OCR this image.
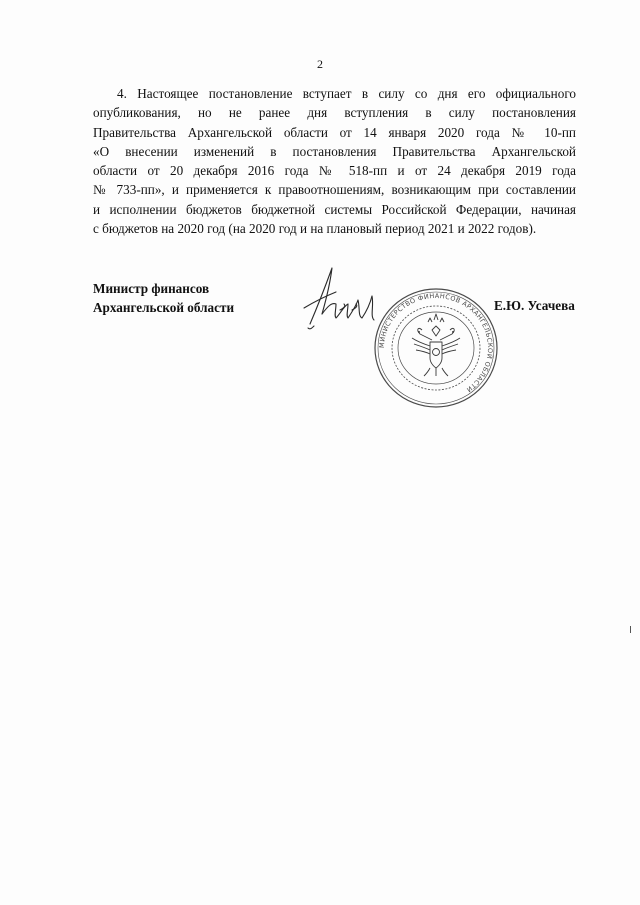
2
4. Настоящее постановление вступает в силу со дня его официального
опубликования, но не ранее дня вступления в силу постановления
Правительства Архангельской области от 14 января 2020 года № 10-пп
«О внесении изменений в постановления Правительства Архангельской
области от 20 декабря 2016 года № 518-пп и от 24 декабря 2019 года
№ 733-пп», и применяется к правоотношениям, возникающим при составлении
и исполнении бюджетов бюджетной системы Российской Федерации, начиная
с бюджетов на 2020 год (на 2020 год и на плановый период 2021 и 2022 годов).
Министр финансов
Архангельской области
МИНИСТЕРСТВО ФИНАНСОВ АРХАНГЕЛЬСКОЙ ОБЛАСТИ
Е.Ю. Усачева
